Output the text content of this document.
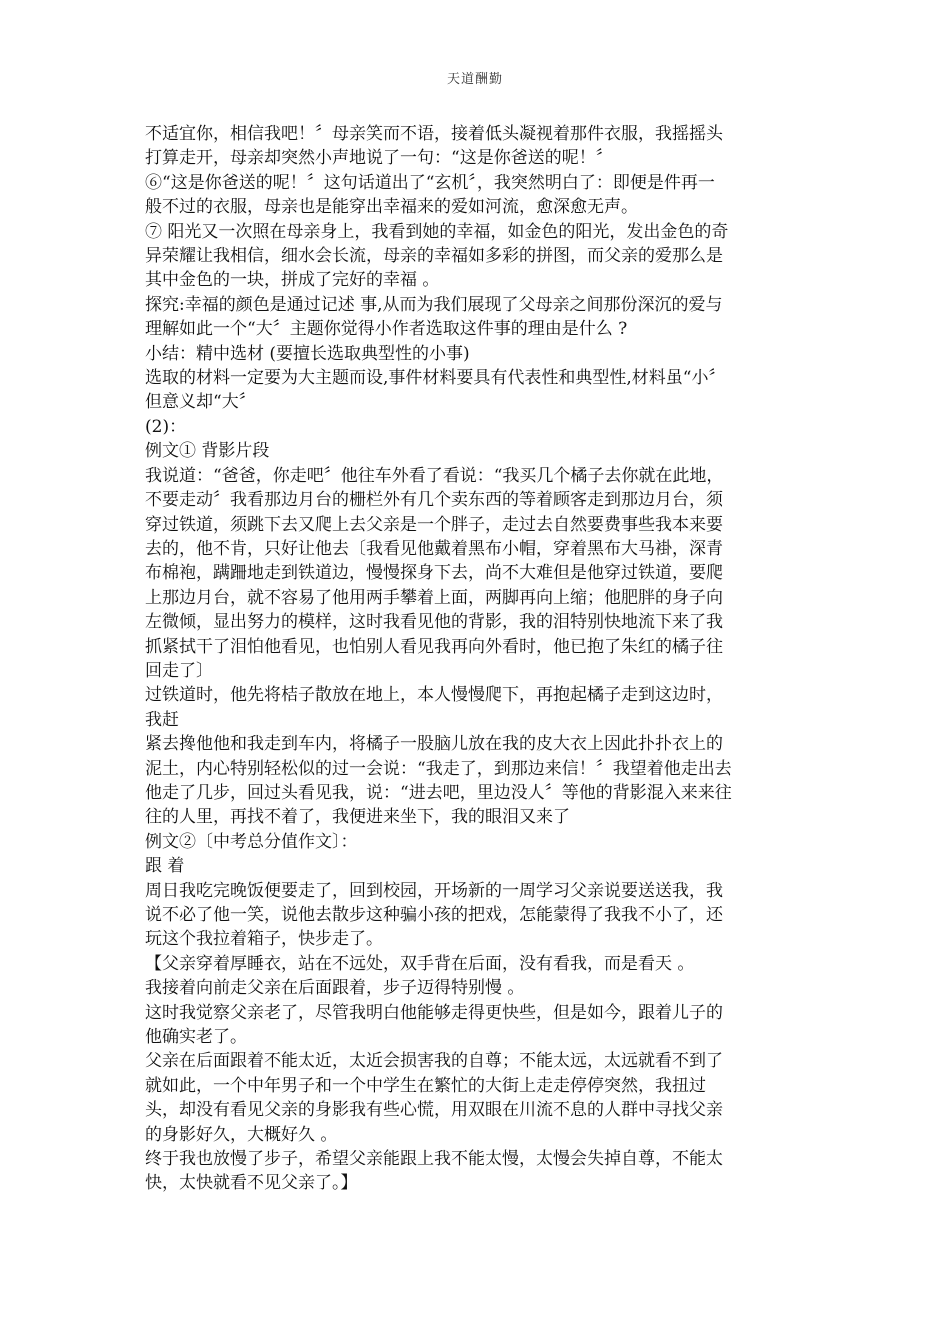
天道酬勤
不适宜你，相信我吧！〞母亲笑而不语，接着低头凝视着那件衣服，我摇摇头
打算走开，母亲却突然小声地说了一句：“这是你爸送的呢！〞
⑥“这是你爸送的呢！〞这句话道出了“玄机〞，我突然明白了：即便是件再一
般不过的衣服，母亲也是能穿出幸福来的爱如河流，愈深愈无声。
⑦ 阳光又一次照在母亲身上，我看到她的幸福，如金色的阳光，发出金色的奇
异荣耀让我相信，细水会长流，母亲的幸福如多彩的拼图，而父亲的爱那么是
其中金色的一块，拼成了完好的幸福 。
探究:幸福的颜色是通过记述 事,从而为我们展现了父母亲之间那份深沉的爱与
理解如此一个“大〞主题你觉得小作者选取这件事的理由是什么 ?
小结：精中选材 (要擅长选取典型性的小事)
选取的材料一定要为大主题而设,事件材料要具有代表性和典型性,材料虽“小〞
但意义却“大〞
(2)：
例文① 背影片段
我说道：“爸爸，你走吧〞他往车外看了看说：“我买几个橘子去你就在此地，
不要走动〞我看那边月台的栅栏外有几个卖东西的等着顾客走到那边月台，须
穿过铁道，须跳下去又爬上去父亲是一个胖子，走过去自然要费事些我本来要
去的，他不肯，只好让他去〔我看见他戴着黑布小帽，穿着黑布大马褂，深青
布棉袍，蹒跚地走到铁道边，慢慢探身下去，尚不大难但是他穿过铁道，要爬
上那边月台，就不容易了他用两手攀着上面，两脚再向上缩；他肥胖的身子向
左微倾，显出努力的模样，这时我看见他的背影，我的泪特别快地流下来了我
抓紧拭干了泪怕他看见，也怕别人看见我再向外看时，他已抱了朱红的橘子往
回走了〕
过铁道时，他先将桔子散放在地上，本人慢慢爬下，再抱起橘子走到这边时，
我赶
紧去搀他他和我走到车内，将橘子一股脑儿放在我的皮大衣上因此扑扑衣上的
泥土，内心特别轻松似的过一会说：“我走了，到那边来信！〞我望着他走出去
他走了几步，回过头看见我，说：“进去吧，里边没人〞等他的背影混入来来往
往的人里，再找不着了，我便进来坐下，我的眼泪又来了
例文②〔中考总分值作文〕：
跟 着
周日我吃完晚饭便要走了，回到校园，开场新的一周学习父亲说要送送我，我
说不必了他一笑，说他去散步这种骗小孩的把戏，怎能蒙得了我我不小了，还
玩这个我拉着箱子，快步走了。
【父亲穿着厚睡衣，站在不远处，双手背在后面，没有看我，而是看天 。
我接着向前走父亲在后面跟着，步子迈得特别慢 。
这时我觉察父亲老了，尽管我明白他能够走得更快些，但是如今，跟着儿子的
他确实老了。
父亲在后面跟着不能太近，太近会损害我的自尊；不能太远，太远就看不到了
就如此，一个中年男子和一个中学生在繁忙的大街上走走停停突然，我扭过
头，却没有看见父亲的身影我有些心慌，用双眼在川流不息的人群中寻找父亲
的身影好久，大概好久 。
终于我也放慢了步子，希望父亲能跟上我不能太慢，太慢会失掉自尊，不能太
快，太快就看不见父亲了。】
